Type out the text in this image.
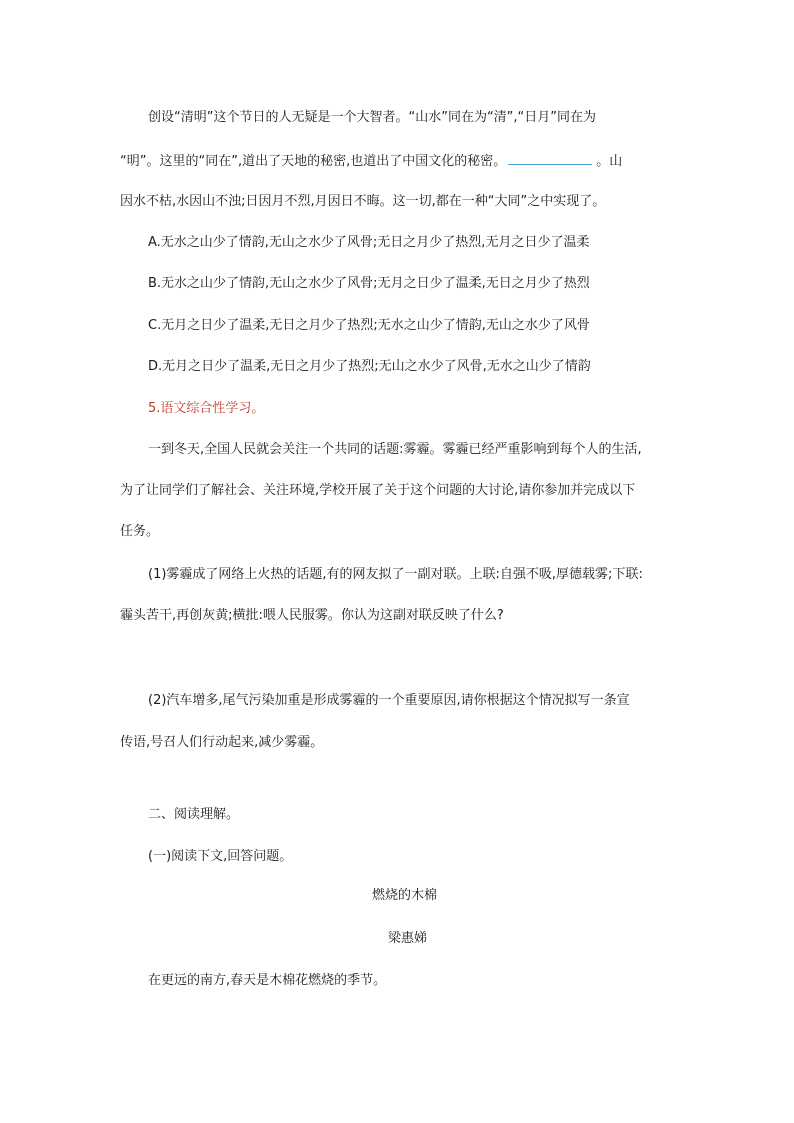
创设“清明”这个节日的人无疑是一个大智者。“山水”同在为“清”,“日月”同在为
“明”。这里的“同在”,道出了天地的秘密,也道出了中国文化的秘密。	。山
因水不枯,水因山不浊;日因月不烈,月因日不晦。这一切,都在一种“大同”之中实现了。
A.无水之山少了情韵,无山之水少了风骨;无日之月少了热烈,无月之日少了温柔
B.无水之山少了情韵,无山之水少了风骨;无月之日少了温柔,无日之月少了热烈
C.无月之日少了温柔,无日之月少了热烈;无水之山少了情韵,无山之水少了风骨
D.无月之日少了温柔,无日之月少了热烈;无山之水少了风骨,无水之山少了情韵
5.语文综合性学习。
一到冬天,全国人民就会关注一个共同的话题:雾霾。雾霾已经严重影响到每个人的生活,
为了让同学们了解社会、关注环境,学校开展了关于这个问题的大讨论,请你参加并完成以下
任务。
(1)雾霾成了网络上火热的话题,有的网友拟了一副对联。上联:自强不吸,厚德载雾;下联:
霾头苦干,再创灰黄;横批:喂人民服雾。你认为这副对联反映了什么?
(2)汽车增多,尾气污染加重是形成雾霾的一个重要原因,请你根据这个情况拟写一条宣
传语,号召人们行动起来,减少雾霾。
二、阅读理解。
(一)阅读下文,回答问题。
燃烧的木棉
梁惠娣
在更远的南方,春天是木棉花燃烧的季节。
